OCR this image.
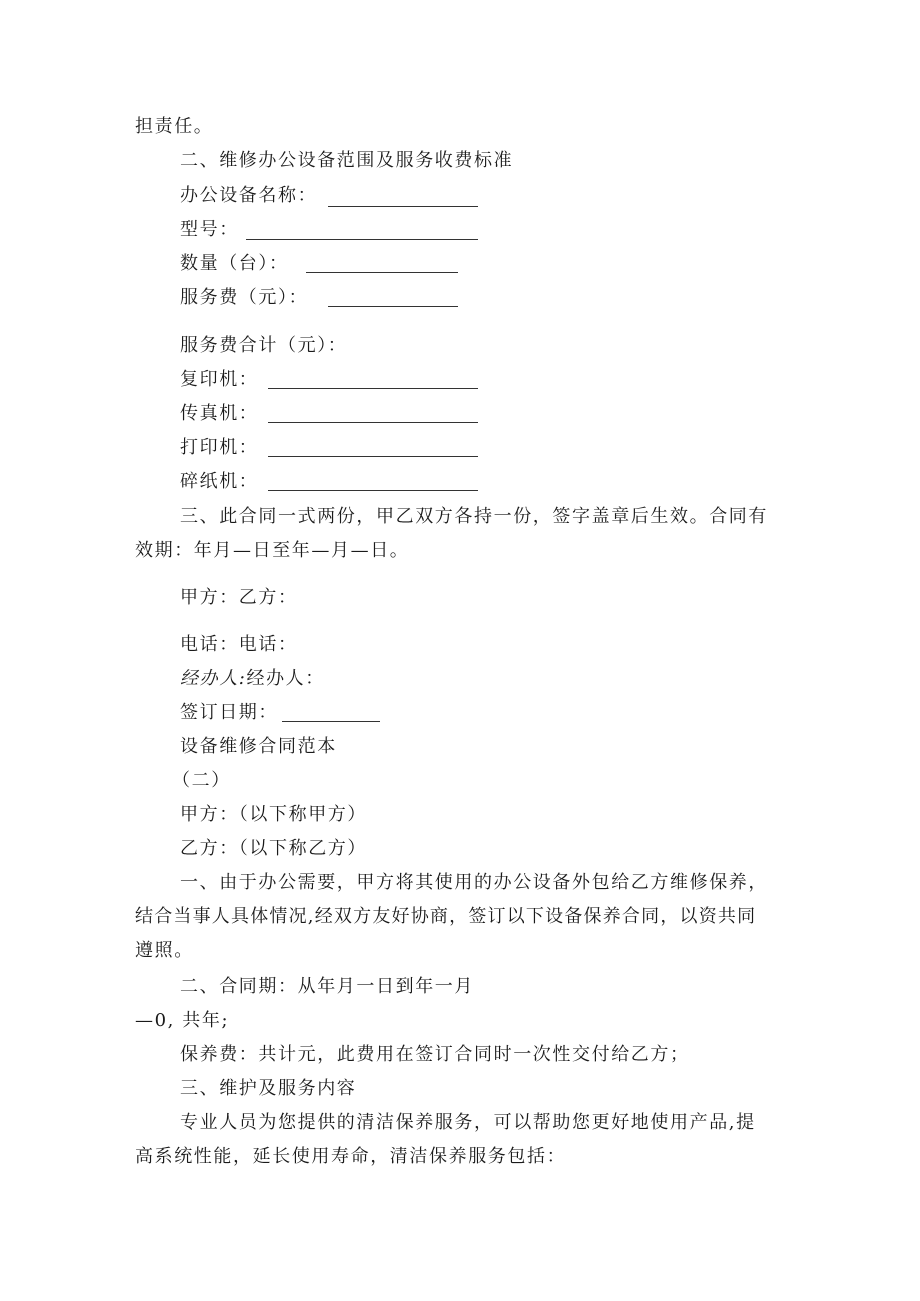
担责任。
二、维修办公设备范围及服务收费标准
办公设备名称：
型号：
数量（台）：
服务费（元）：
服务费合计（元）：
复印机：
传真机：
打印机：
碎纸机：
三、此合同一式两份，甲乙双方各持一份，签字盖章后生效。合同有
效期：年月—日至年—月—日。
甲方：乙方：
电话：电话：
经办人:经办人：
签订日期：
设备维修合同范本
（二）
甲方：（以下称甲方）
乙方：（以下称乙方）
一、由于办公需要，甲方将其使用的办公设备外包给乙方维修保养，
结合当事人具体情况,经双方友好协商，签订以下设备保养合同，以资共同
遵照。
二、合同期：从年月一日到年一月
—0, 共年;
保养费：共计元，此费用在签订合同时一次性交付给乙方；
三、维护及服务内容
专业人员为您提供的清洁保养服务，可以帮助您更好地使用产品,提
高系统性能，延长使用寿命，清洁保养服务包括：
